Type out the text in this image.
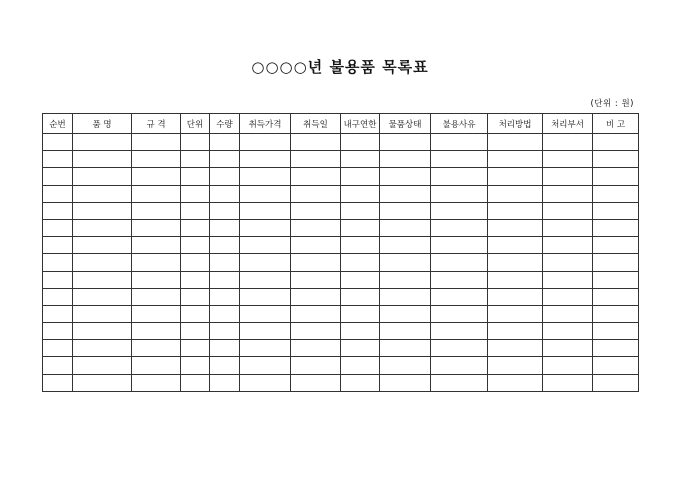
○○○○년 불용품 목록표
(단위 : 원)
순번	품 명	규 격	단위	수량	취득가격	취득일	내구연한	물품상태	불용사유	처리방법	처리부서	비 고
